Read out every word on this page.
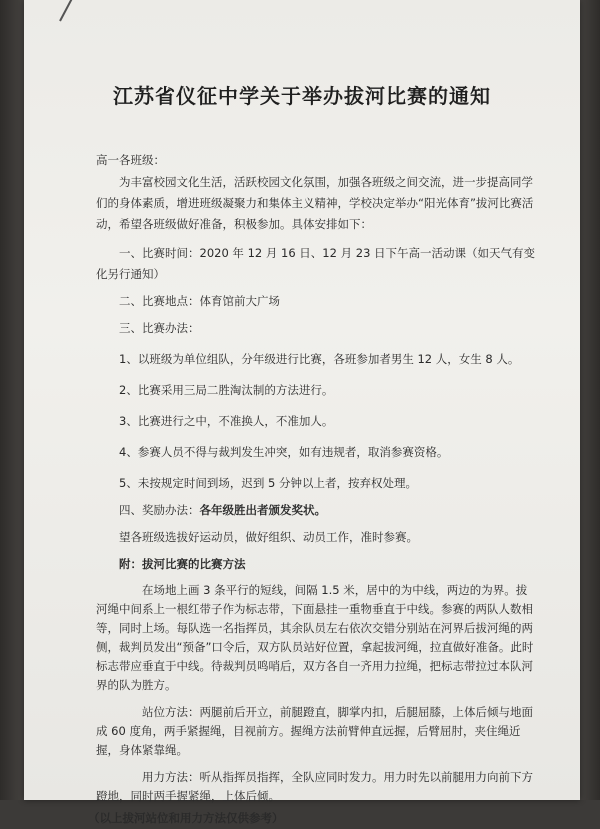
江苏省仪征中学关于举办拔河比赛的通知
高一各班级：

为丰富校园文化生活，活跃校园文化氛围，加强各班级之间交流，进一步提高同学们的身体素质，增进班级凝聚力和集体主义精神，学校决定举办“阳光体育”拔河比赛活动，希望各班级做好准备，积极参加。具体安排如下：

一、比赛时间：2020 年 12 月 16 日、12 月 23 日下午高一活动课（如天气有变化另行通知）

二、比赛地点：体育馆前大广场

三、比赛办法：

1、以班级为单位组队，分年级进行比赛，各班参加者男生 12 人，女生 8 人。

2、比赛采用三局二胜淘汰制的方法进行。

3、比赛进行之中，不准换人，不准加人。

4、参赛人员不得与裁判发生冲突，如有违规者，取消参赛资格。

5、未按规定时间到场，迟到 5 分钟以上者，按弃权处理。

四、奖励办法：各年级胜出者颁发奖状。

望各班级选拔好运动员，做好组织、动员工作，准时参赛。

附：拔河比赛的比赛方法

在场地上画 3 条平行的短线，间隔 1.5 米，居中的为中线，两边的为界。拔河绳中间系上一根红带子作为标志带，下面悬挂一重物垂直于中线。参赛的两队人数相等，同时上场。每队选一名指挥员，其余队员左右依次交错分别站在河界后拔河绳的两侧，裁判员发出“预备”口令后，双方队员站好位置，拿起拔河绳，拉直做好准备。此时标志带应垂直于中线。待裁判员鸣哨后，双方各自一齐用力拉绳，把标志带拉过本队河界的队为胜方。

站位方法：两腿前后开立，前腿蹬直，脚掌内扣，后腿屈膝，上体后倾与地面成 60 度角，两手紧握绳，目视前方。握绳方法前臂伸直远握，后臂屈肘，夹住绳近握，身体紧靠绳。

用力方法：听从指挥员指挥，全队应同时发力。用力时先以前腿用力向前下方蹬地，同时两手握紧绳，上体后倾。

（以上拔河站位和用力方法仅供参考）
